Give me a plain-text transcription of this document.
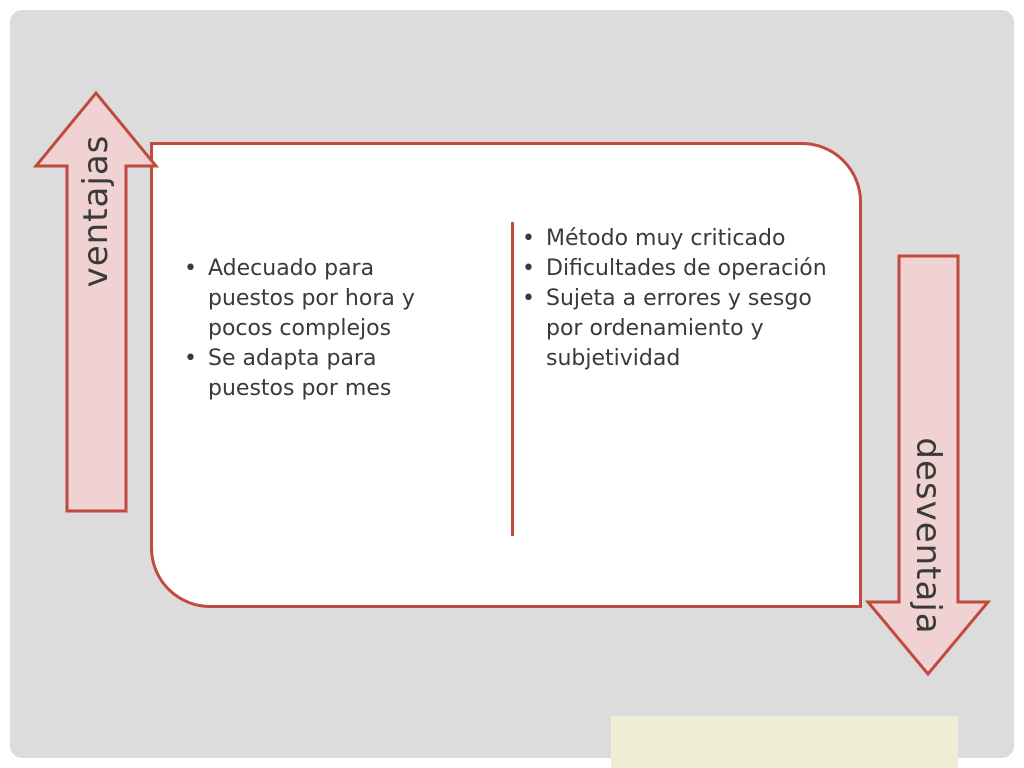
ventajas
desventaja
• Adecuado para puestos por hora y pocos complejos
• Se adapta para puestos por mes
• Método muy criticado
• Dificultades de operación
• Sujeta a errores y sesgo por ordenamiento y subjetividad
